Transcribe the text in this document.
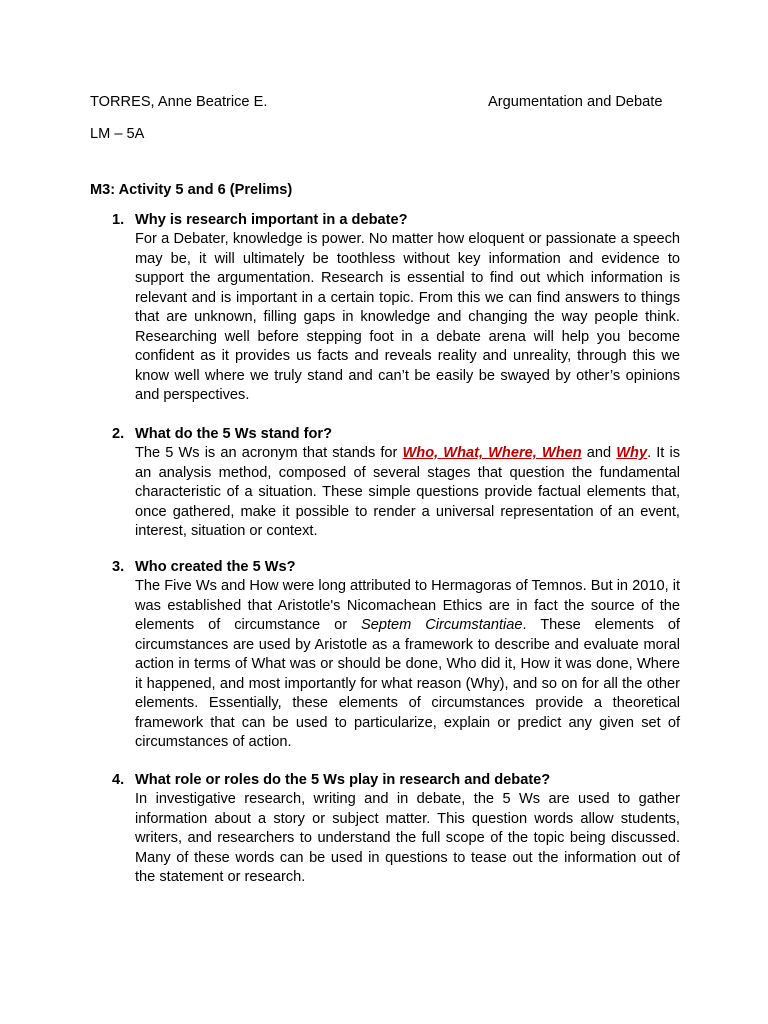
TORRES, Anne Beatrice E.	Argumentation and Debate
LM – 5A
M3: Activity 5 and 6 (Prelims)
1. Why is research important in a debate?
For a Debater, knowledge is power. No matter how eloquent or passionate a speech may be, it will ultimately be toothless without key information and evidence to support the argumentation. Research is essential to find out which information is relevant and is important in a certain topic. From this we can find answers to things that are unknown, filling gaps in knowledge and changing the way people think. Researching well before stepping foot in a debate arena will help you become confident as it provides us facts and reveals reality and unreality, through this we know well where we truly stand and can’t be easily be swayed by other’s opinions and perspectives.
2. What do the 5 Ws stand for?
The 5 Ws is an acronym that stands for Who, What, Where, When and Why. It is an analysis method, composed of several stages that question the fundamental characteristic of a situation. These simple questions provide factual elements that, once gathered, make it possible to render a universal representation of an event, interest, situation or context.
3. Who created the 5 Ws?
The Five Ws and How were long attributed to Hermagoras of Temnos. But in 2010, it was established that Aristotle's Nicomachean Ethics are in fact the source of the elements of circumstance or Septem Circumstantiae. These elements of circumstances are used by Aristotle as a framework to describe and evaluate moral action in terms of What was or should be done, Who did it, How it was done, Where it happened, and most importantly for what reason (Why), and so on for all the other elements. Essentially, these elements of circumstances provide a theoretical framework that can be used to particularize, explain or predict any given set of circumstances of action.
4. What role or roles do the 5 Ws play in research and debate?
In investigative research, writing and in debate, the 5 Ws are used to gather information about a story or subject matter. This question words allow students, writers, and researchers to understand the full scope of the topic being discussed. Many of these words can be used in questions to tease out the information out of the statement or research.
